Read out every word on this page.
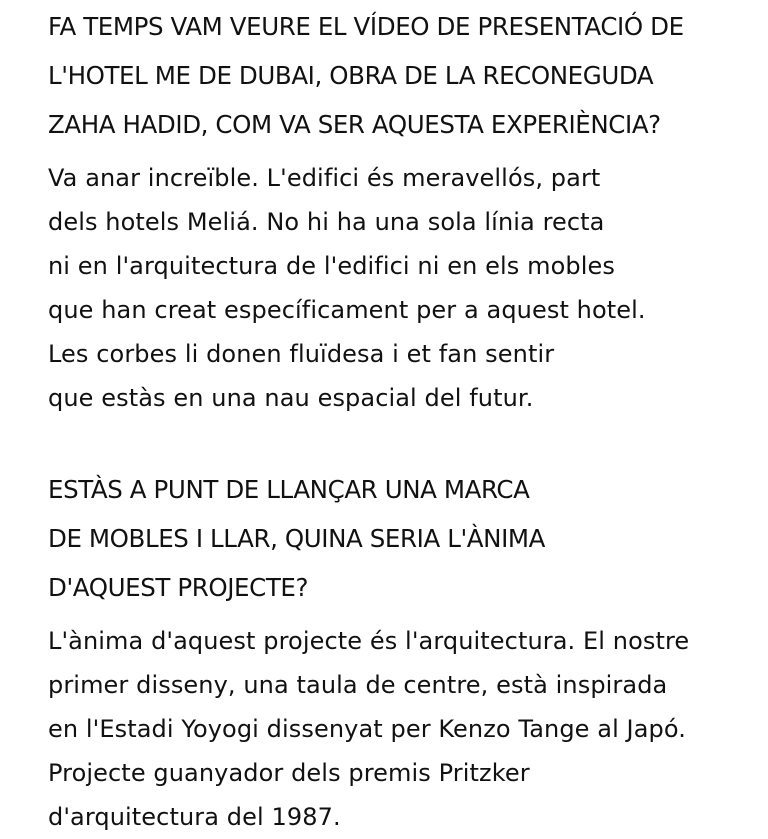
FA TEMPS VAM VEURE EL VÍDEO DE PRESENTACIÓ DE
L'HOTEL ME DE DUBAI, OBRA DE LA RECONEGUDA
ZAHA HADID, COM VA SER AQUESTA EXPERIÈNCIA?
Va anar increïble. L'edifici és meravellós, part
dels hotels Meliá. No hi ha una sola línia recta
ni en l'arquitectura de l'edifici ni en els mobles
que han creat específicament per a aquest hotel.
Les corbes li donen fluïdesa i et fan sentir
que estàs en una nau espacial del futur.
ESTÀS A PUNT DE LLANÇAR UNA MARCA
DE MOBLES I LLAR, QUINA SERIA L'ÀNIMA
D'AQUEST PROJECTE?
L'ànima d'aquest projecte és l'arquitectura. El nostre
primer disseny, una taula de centre, està inspirada
en l'Estadi Yoyogi dissenyat per Kenzo Tange al Japó.
Projecte guanyador dels premis Pritzker
d'arquitectura del 1987.
